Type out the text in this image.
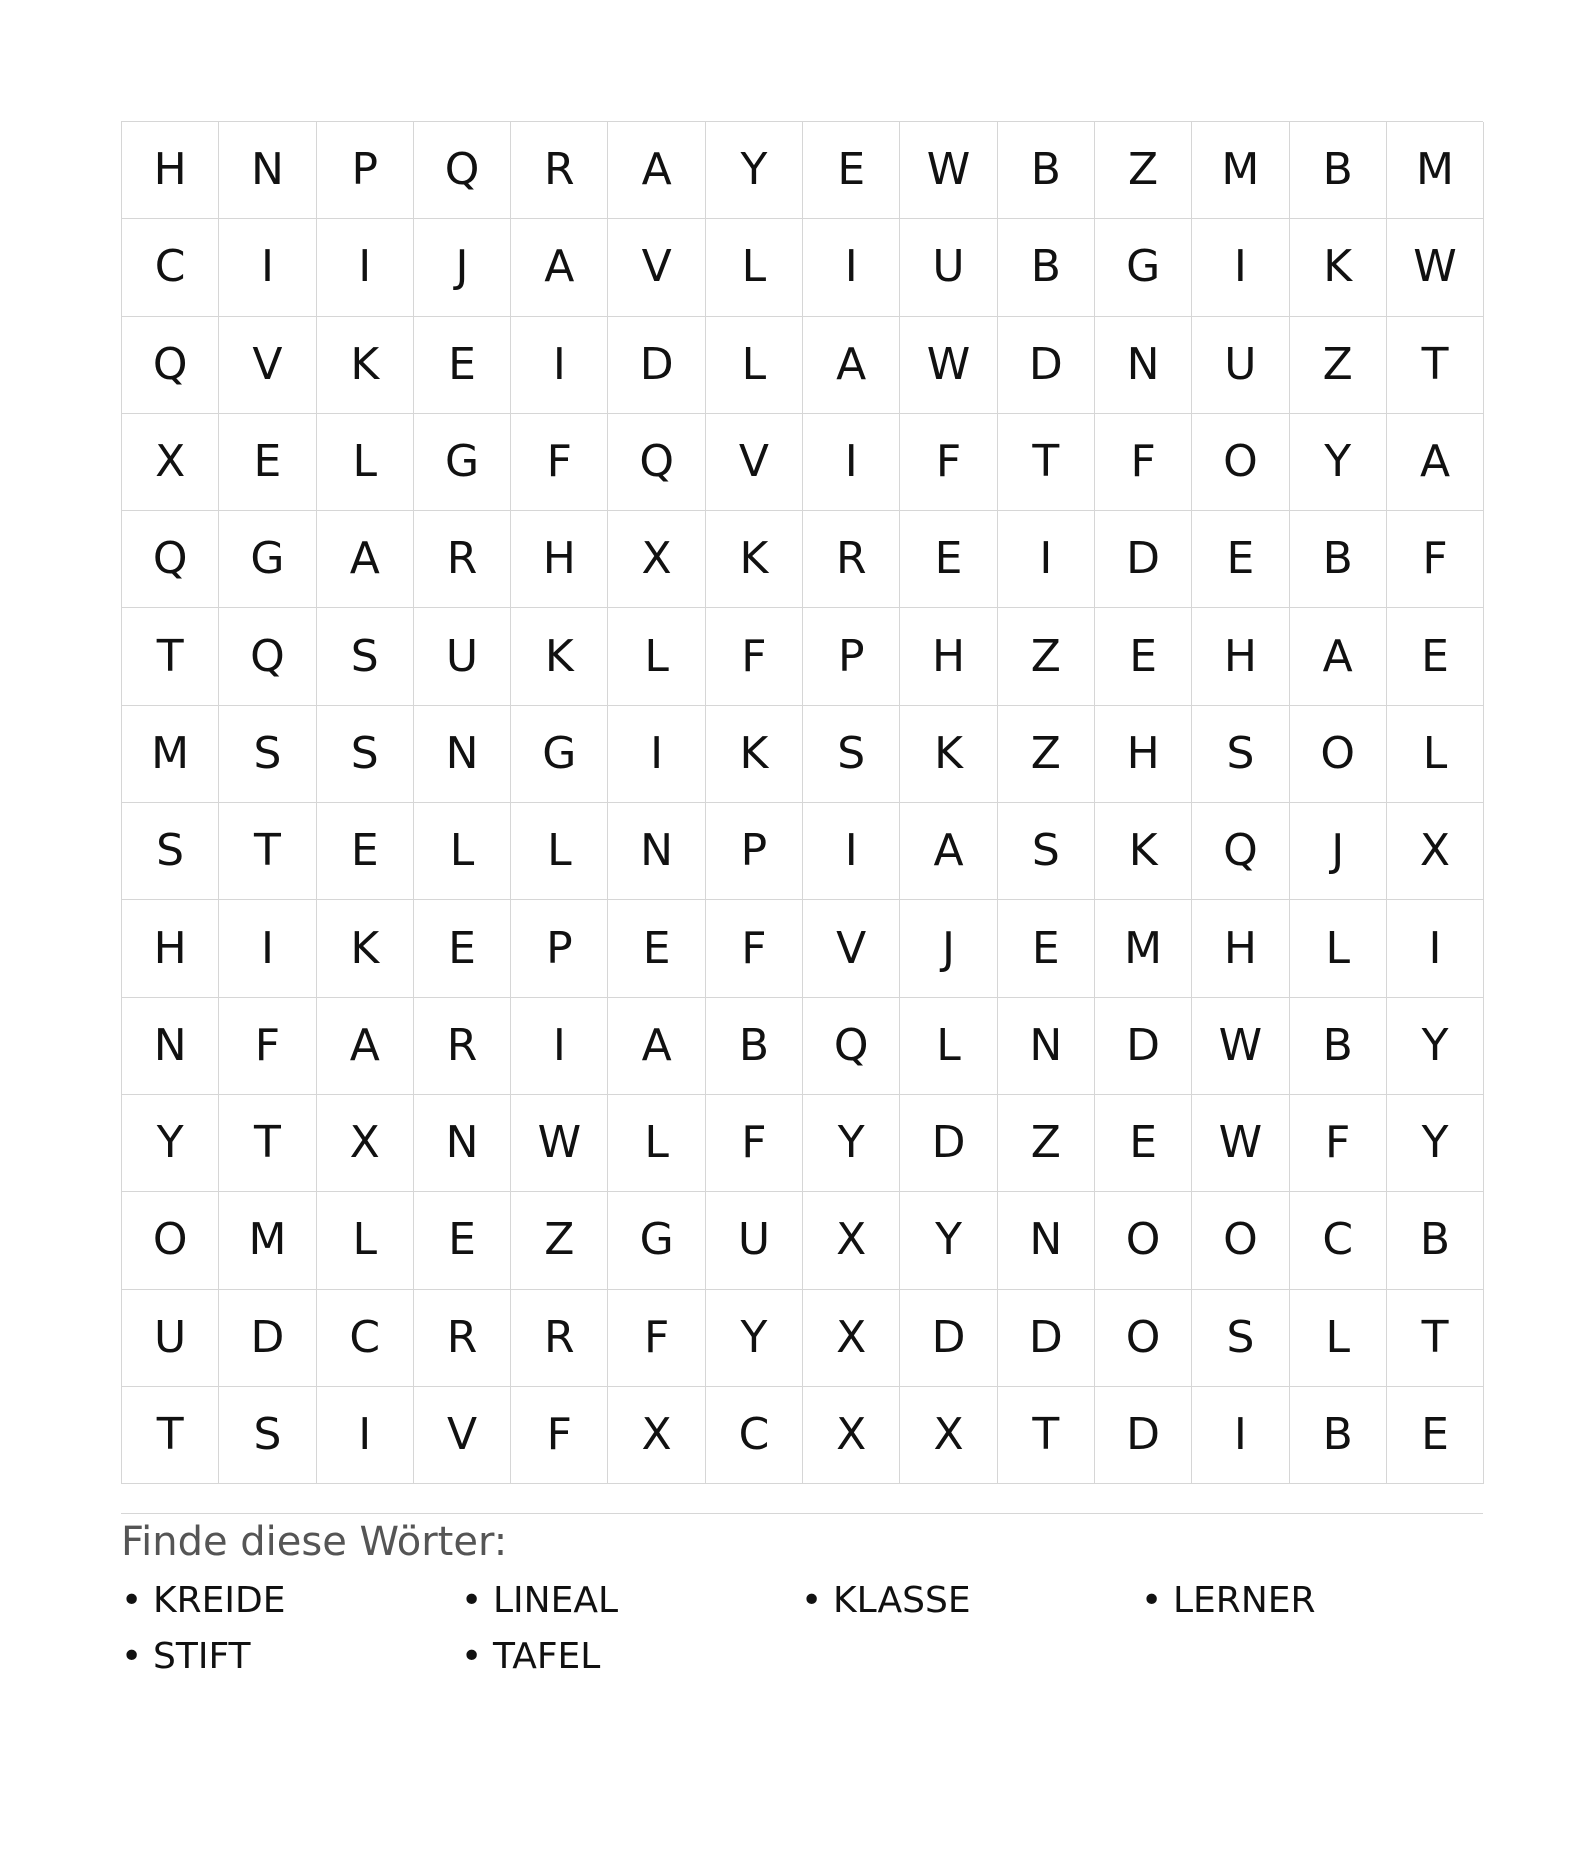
H	N	P	Q	R	A	Y	E	W	B	Z	M	B	M
C	I	I	J	A	V	L	I	U	B	G	I	K	W
Q	V	K	E	I	D	L	A	W	D	N	U	Z	T
X	E	L	G	F	Q	V	I	F	T	F	O	Y	A
Q	G	A	R	H	X	K	R	E	I	D	E	B	F
T	Q	S	U	K	L	F	P	H	Z	E	H	A	E
M	S	S	N	G	I	K	S	K	Z	H	S	O	L
S	T	E	L	L	N	P	I	A	S	K	Q	J	X
H	I	K	E	P	E	F	V	J	E	M	H	L	I
N	F	A	R	I	A	B	Q	L	N	D	W	B	Y
Y	T	X	N	W	L	F	Y	D	Z	E	W	F	Y
O	M	L	E	Z	G	U	X	Y	N	O	O	C	B
U	D	C	R	R	F	Y	X	D	D	O	S	L	T
T	S	I	V	F	X	C	X	X	T	D	I	B	E
Finde diese Wörter:
• KREIDE	• LINEAL	• KLASSE	• LERNER
• STIFT	• TAFEL
